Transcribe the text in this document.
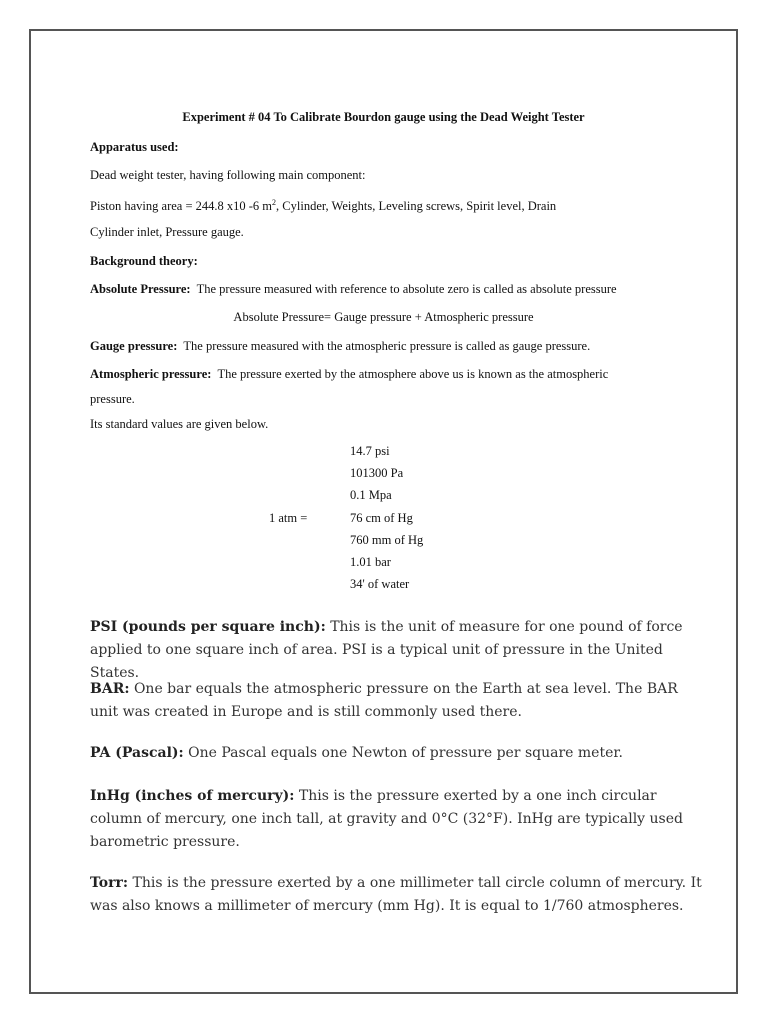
Experiment # 04 To Calibrate Bourdon gauge using the Dead Weight Tester
Apparatus used:
Dead weight tester, having following main component:
Piston having area = 244.8 x10 -6 $m^2$, Cylinder, Weights, Leveling screws, Spirit level, Drain
Cylinder inlet, Pressure gauge.
Background theory:
Absolute Pressure: The pressure measured with reference to absolute zero is called as absolute pressure
Absolute Pressure= Gauge pressure + Atmospheric pressure
Gauge pressure: The pressure measured with the atmospheric pressure is called as gauge pressure.
Atmospheric pressure: The pressure exerted by the atmosphere above us is known as the atmospheric
pressure.
Its standard values are given below.
14.7 psi
101300 Pa
0.1 Mpa
1 atm =	76 cm of Hg
760 mm of Hg
1.01 bar
34' of water
PSI (pounds per square inch): This is the unit of measure for one pound of force applied to one square inch of area. PSI is a typical unit of pressure in the United States.
BAR: One bar equals the atmospheric pressure on the Earth at sea level. The BAR unit was created in Europe and is still commonly used there.
PA (Pascal): One Pascal equals one Newton of pressure per square meter.
InHg (inches of mercury): This is the pressure exerted by a one inch circular column of mercury, one inch tall, at gravity and 0°C (32°F). InHg are typically used barometric pressure.
Torr: This is the pressure exerted by a one millimeter tall circle column of mercury. It was also knows a millimeter of mercury (mm Hg). It is equal to 1/760 atmospheres.
